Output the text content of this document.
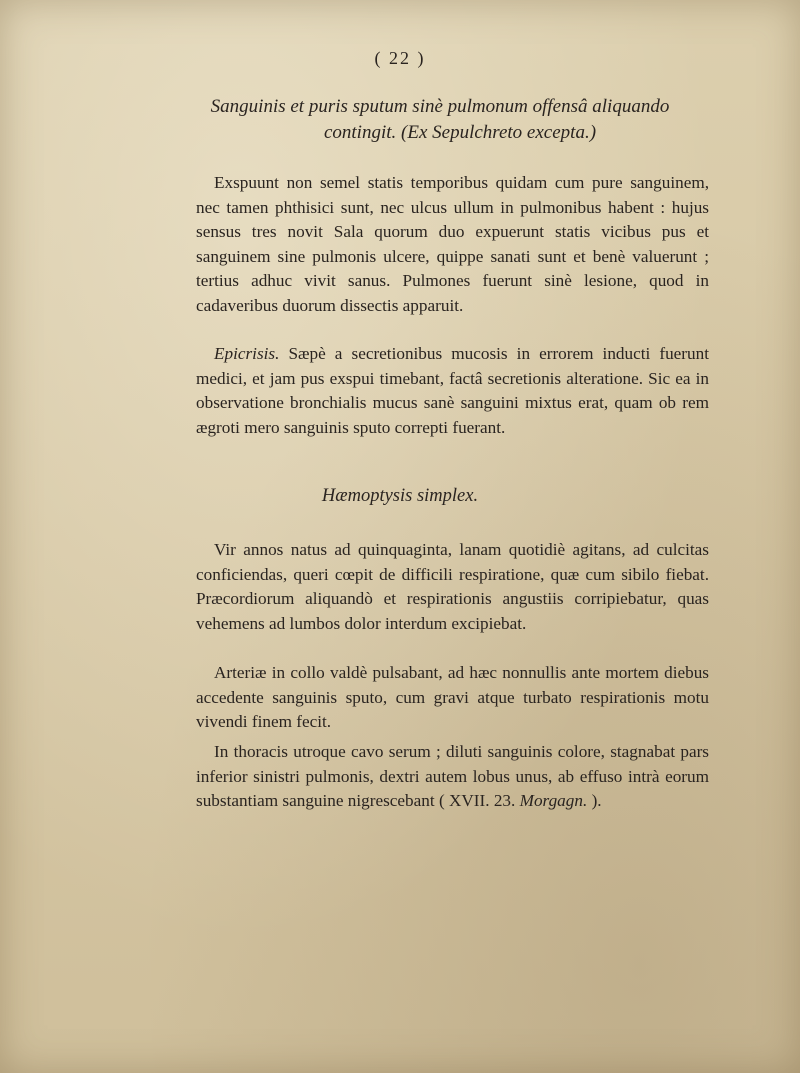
( 22 )
Sanguinis et puris sputum sinè pulmonum offensâ aliquando
contingit. (Ex Sepulchreto excepta.)

Exspuunt non semel statis temporibus quidam cum pure sanguinem, nec tamen phthisici sunt, nec ulcus ullum in pulmonibus habent : hujus sensus tres novit Sala quorum duo expuerunt statis vicibus pus et sanguinem sine pulmonis ulcere, quippe sanati sunt et benè valuerunt ; tertius adhuc vivit sanus. Pulmones fuerunt sinè lesione, quod in cadaveribus duorum dissectis apparuit.

Epicrisis. Sæpè a secretionibus mucosis in errorem inducti fuerunt medici, et jam pus exspui timebant, factâ secretionis alteratione. Sic ea in observatione bronchialis mucus sanè sanguini mixtus erat, quam ob rem ægroti mero sanguinis sputo correpti fuerant.

Hæmoptysis simplex.

Vir annos natus ad quinquaginta, lanam quotidiè agitans, ad culcitas conficiendas, queri cœpit de difficili respiratione, quæ cum sibilo fiebat. Præcordiorum aliquandò et respirationis angustiis corripiebatur, quas vehemens ad lumbos dolor interdum excipiebat.

Arteriæ in collo valdè pulsabant, ad hæc nonnullis ante mortem diebus accedente sanguinis sputo, cum gravi atque turbato respirationis motu vivendi finem fecit.

In thoracis utroque cavo serum ; diluti sanguinis colore, stagnabat pars inferior sinistri pulmonis, dextri autem lobus unus, ab effuso intrà eorum substantiam sanguine nigrescebant ( XVII. 23. Morgagn. ).
